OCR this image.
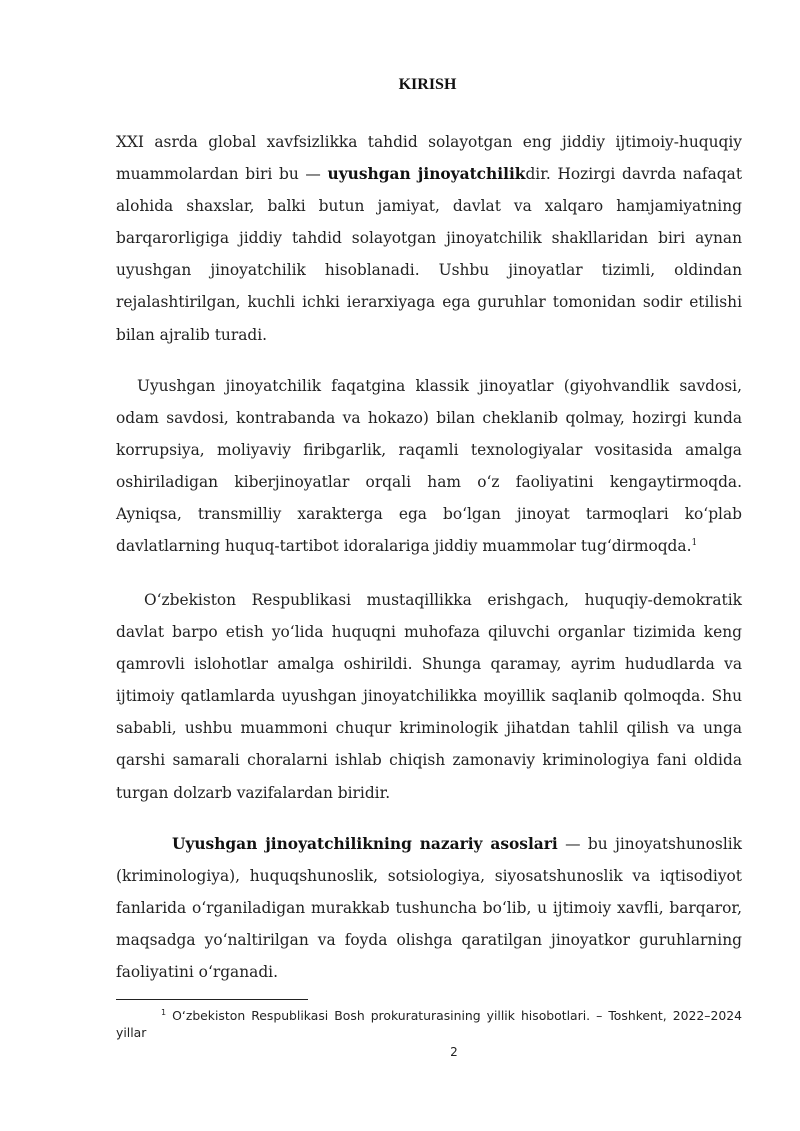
KIRISH

XXI asrda global xavfsizlikka tahdid solayotgan eng jiddiy ijtimoiy-huquqiy muammolardan biri bu — uyushgan jinoyatchilikdir. Hozirgi davrda nafaqat alohida shaxslar, balki butun jamiyat, davlat va xalqaro hamjamiyatning barqarorligiga jiddiy tahdid solayotgan jinoyatchilik shakllaridan biri aynan uyushgan jinoyatchilik hisoblanadi. Ushbu jinoyatlar tizimli, oldindan rejalashtirilgan, kuchli ichki ierarxiyaga ega guruhlar tomonidan sodir etilishi bilan ajralib turadi.

Uyushgan jinoyatchilik faqatgina klassik jinoyatlar (giyohvandlik savdosi, odam savdosi, kontrabanda va hokazo) bilan cheklanib qolmay, hozirgi kunda korrupsiya, moliyaviy firibgarlik, raqamli texnologiyalar vositasida amalga oshiriladigan kiberjinoyatlar orqali ham o‘z faoliyatini kengaytirmoqda. Ayniqsa, transmilliy xarakterga ega bo‘lgan jinoyat tarmoqlari ko‘plab davlatlarning huquq-tartibot idoralariga jiddiy muammolar tug‘dirmoqda.$^1$

O‘zbekiston Respublikasi mustaqillikka erishgach, huquqiy-demokratik davlat barpo etish yo‘lida huquqni muhofaza qiluvchi organlar tizimida keng qamrovli islohotlar amalga oshirildi. Shunga qaramay, ayrim hududlarda va ijtimoiy qatlamlarda uyushgan jinoyatchilikka moyillik saqlanib qolmoqda. Shu sababli, ushbu muammoni chuqur kriminologik jihatdan tahlil qilish va unga qarshi samarali choralarni ishlab chiqish zamonaviy kriminologiya fani oldida turgan dolzarb vazifalardan biridir.

Uyushgan jinoyatchilikning nazariy asoslari — bu jinoyatshunoslik (kriminologiya), huquqshunoslik, sotsiologiya, siyosatshunoslik va iqtisodiyot fanlarida o‘rganiladigan murakkab tushuncha bo‘lib, u ijtimoiy xavfli, barqaror, maqsadga yo‘naltirilgan va foyda olishga qaratilgan jinoyatkor guruhlarning faoliyatini o‘rganadi.

$^1$ O‘zbekiston Respublikasi Bosh prokuraturasining yillik hisobotlari. – Toshkent, 2022–2024 yillar

2
